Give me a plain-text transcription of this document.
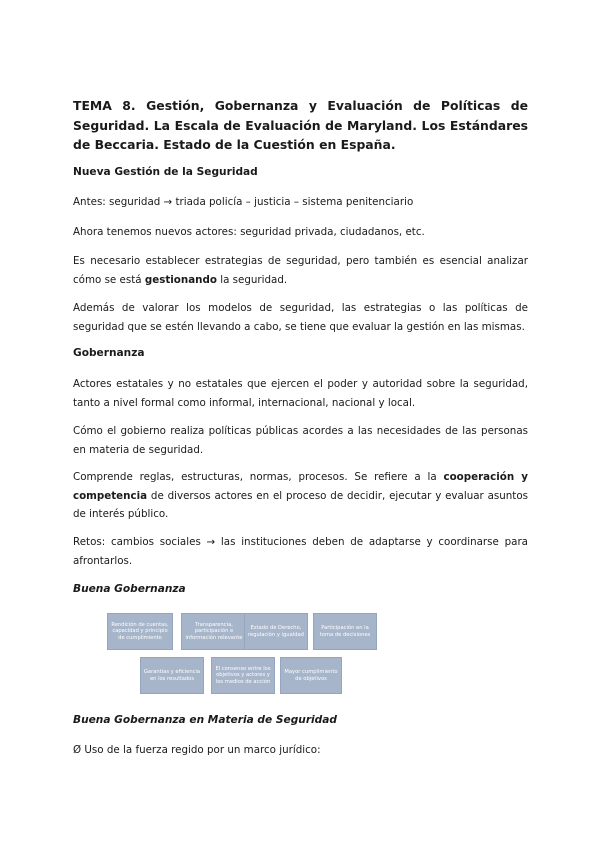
TEMA 8. Gestión, Gobernanza y Evaluación de Políticas de Seguridad. La Escala de Evaluación de Maryland. Los Estándares de Beccaria. Estado de la Cuestión en España.
Nueva Gestión de la Seguridad
Antes: seguridad → triada policía – justicia – sistema penitenciario
Ahora tenemos nuevos actores: seguridad privada, ciudadanos, etc.
Es necesario establecer estrategias de seguridad, pero también es esencial analizar cómo se está gestionando la seguridad.
Además de valorar los modelos de seguridad, las estrategias o las políticas de seguridad que se estén llevando a cabo, se tiene que evaluar la gestión en las mismas.
Gobernanza
Actores estatales y no estatales que ejercen el poder y autoridad sobre la seguridad, tanto a nivel formal como informal, internacional, nacional y local.
Cómo el gobierno realiza políticas públicas acordes a las necesidades de las personas en materia de seguridad.
Comprende reglas, estructuras, normas, procesos. Se refiere a la cooperación y competencia de diversos actores en el proceso de decidir, ejecutar y evaluar asuntos de interés público.
Retos: cambios sociales → las instituciones deben de adaptarse y coordinarse para afrontarlos.
Buena Gobernanza
Rendición de cuentas, capacidad y principio de cumplimiento
Transparencia, participación e información relevante
Estado de Derecho, regulación y igualdad
Participación en la toma de decisiones
Garantías y eficiencia en los resultados
El consenso entre los objetivos y actores y los medios de acción
Mayor cumplimiento de objetivos
Buena Gobernanza en Materia de Seguridad
Ø Uso de la fuerza regido por un marco jurídico:
